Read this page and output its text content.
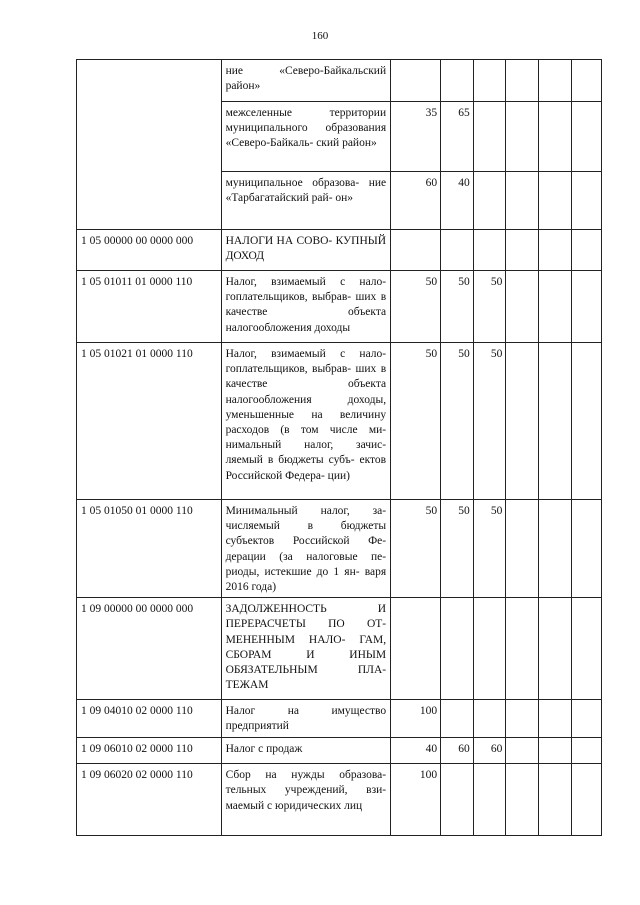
160
	ние «Северо-Байкальский район»						
	межселенные территории муниципального образования «Северо-Байкаль- ский район»	35	65				
	муниципальное образова- ние «Тарбагатайский рай- он»	60	40				
1 05 00000 00 0000 000	НАЛОГИ НА СОВО- КУПНЫЙ ДОХОД						
1 05 01011 01 0000 110	Налог, взимаемый с нало- гоплательщиков, выбрав- ших в качестве объекта налогообложения доходы	50	50	50			
1 05 01021 01 0000 110	Налог, взимаемый с нало- гоплательщиков, выбрав- ших в качестве объекта налогообложения доходы, уменьшенные на величину расходов (в том числе ми- нимальный налог, зачис- ляемый в бюджеты субъ- ектов Российской Федера- ции)	50	50	50			
1 05 01050 01 0000 110	Минимальный налог, за- числяемый в бюджеты субъектов Российской Фе- дерации (за налоговые пе- риоды, истекшие до 1 ян- варя 2016 года)	50	50	50			
1 09 00000 00 0000 000	ЗАДОЛЖЕННОСТЬ И ПЕРЕРАСЧЕТЫ ПО ОТ- МЕНЕННЫМ НАЛО- ГАМ, СБОРАМ И ИНЫМ ОБЯЗАТЕЛЬНЫМ ПЛА- ТЕЖАМ						
1 09 04010 02 0000 110	Налог на имущество предприятий	100					
1 09 06010 02 0000 110	Налог с продаж	40	60	60			
1 09 06020 02 0000 110	Сбор на нужды образова- тельных учреждений, взи- маемый с юридических лиц	100					
